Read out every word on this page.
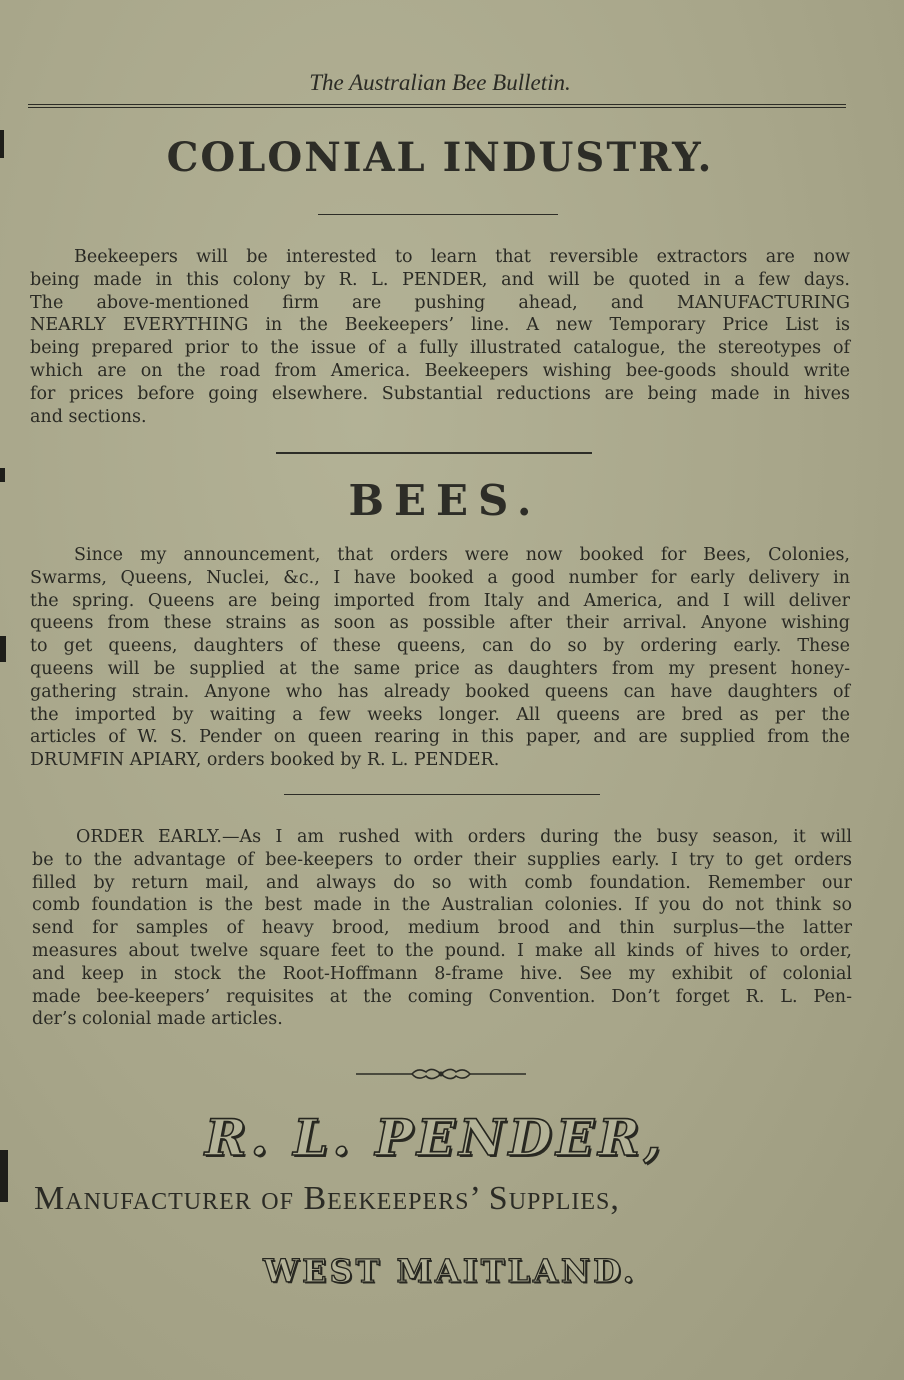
The Australian Bee Bulletin.
COLONIAL INDUSTRY.
Beekeepers will be interested to learn that reversible extractors are now
being made in this colony by R. L. PENDER, and will be quoted in a few days.
The above-mentioned firm are pushing ahead, and MANUFACTURING
NEARLY EVERYTHING in the Beekeepers’ line. A new Temporary Price List is
being prepared prior to the issue of a fully illustrated catalogue, the stereotypes of
which are on the road from America. Beekeepers wishing bee-goods should write
for prices before going elsewhere. Substantial reductions are being made in hives
and sections.
BEES.
Since my announcement, that orders were now booked for Bees, Colonies,
Swarms, Queens, Nuclei, &c., I have booked a good number for early delivery in
the spring. Queens are being imported from Italy and America, and I will deliver
queens from these strains as soon as possible after their arrival. Anyone wishing
to get queens, daughters of these queens, can do so by ordering early. These
queens will be supplied at the same price as daughters from my present honey-
gathering strain. Anyone who has already booked queens can have daughters of
the imported by waiting a few weeks longer. All queens are bred as per the
articles of W. S. Pender on queen rearing in this paper, and are supplied from the
DRUMFIN APIARY, orders booked by R. L. PENDER.
ORDER EARLY.—As I am rushed with orders during the busy season, it will
be to the advantage of bee-keepers to order their supplies early. I try to get orders
filled by return mail, and always do so with comb foundation. Remember our
comb foundation is the best made in the Australian colonies. If you do not think so
send for samples of heavy brood, medium brood and thin surplus—the latter
measures about twelve square feet to the pound. I make all kinds of hives to order,
and keep in stock the Root-Hoffmann 8-frame hive. See my exhibit of colonial
made bee-keepers’ requisites at the coming Convention. Don’t forget R. L. Pen-
der’s colonial made articles.
R. L. PENDER,
Manufacturer of Beekeepers’ Supplies,
WEST MAITLAND.
